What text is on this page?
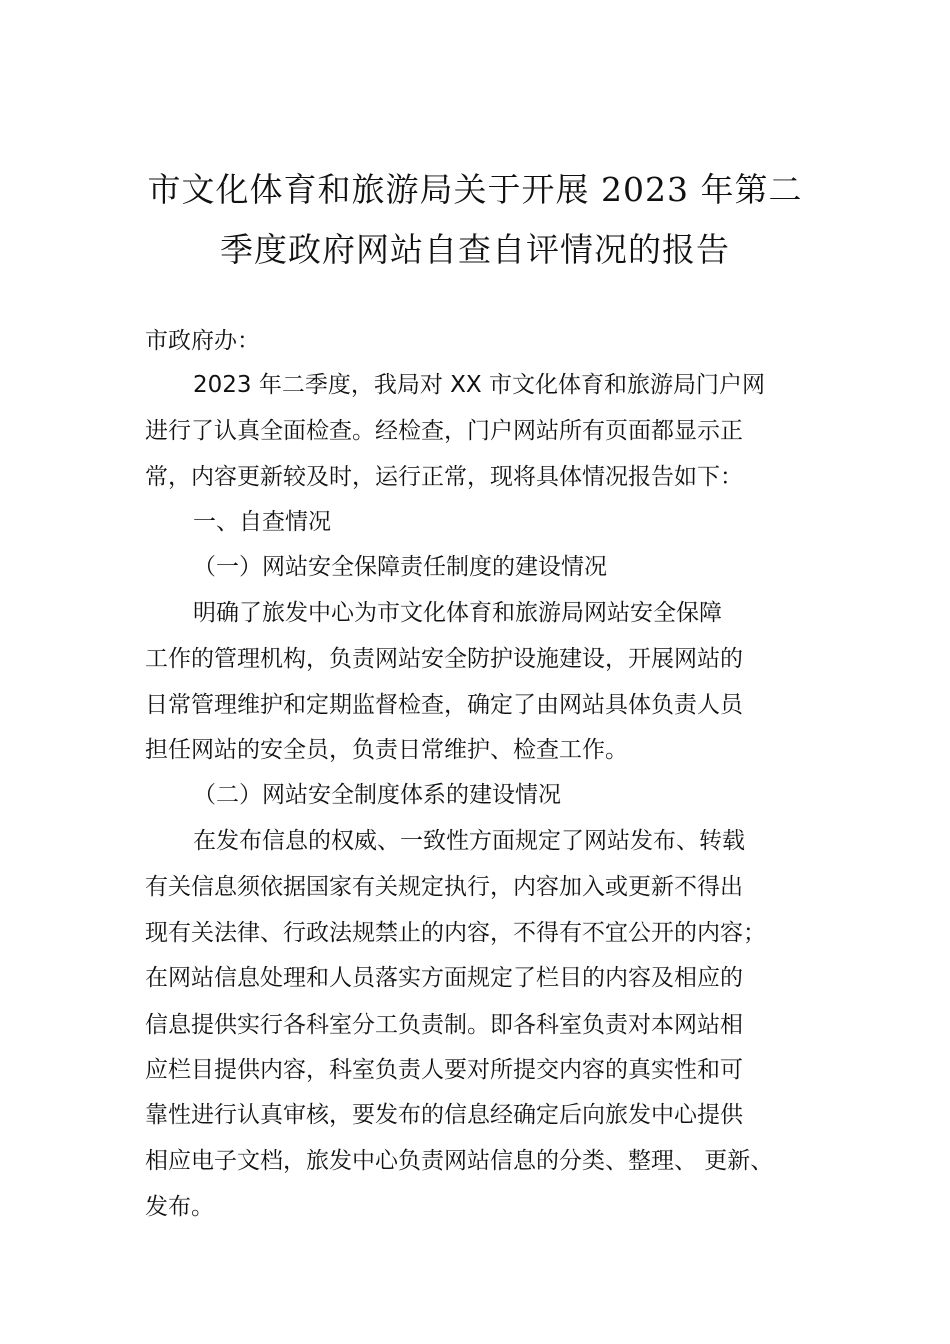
市文化体育和旅游局关于开展 2023 年第二
季度政府网站自查自评情况的报告
市政府办：
2023 年二季度，我局对 XX 市文化体育和旅游局门户网
进行了认真全面检查。经检查，门户网站所有页面都显示正
常，内容更新较及时，运行正常，现将具体情况报告如下：
一、自查情况
（一）网站安全保障责任制度的建设情况
明确了旅发中心为市文化体育和旅游局网站安全保障
工作的管理机构，负责网站安全防护设施建设，开展网站的
日常管理维护和定期监督检查，确定了由网站具体负责人员
担任网站的安全员，负责日常维护、检查工作。
（二）网站安全制度体系的建设情况
在发布信息的权威、一致性方面规定了网站发布、转载
有关信息须依据国家有关规定执行，内容加入或更新不得出
现有关法律、行政法规禁止的内容，不得有不宜公开的内容；
在网站信息处理和人员落实方面规定了栏目的内容及相应的
信息提供实行各科室分工负责制。即各科室负责对本网站相
应栏目提供内容，科室负责人要对所提交内容的真实性和可
靠性进行认真审核，要发布的信息经确定后向旅发中心提供
相应电子文档，旅发中心负责网站信息的分类、整理、 更新、
发布。
